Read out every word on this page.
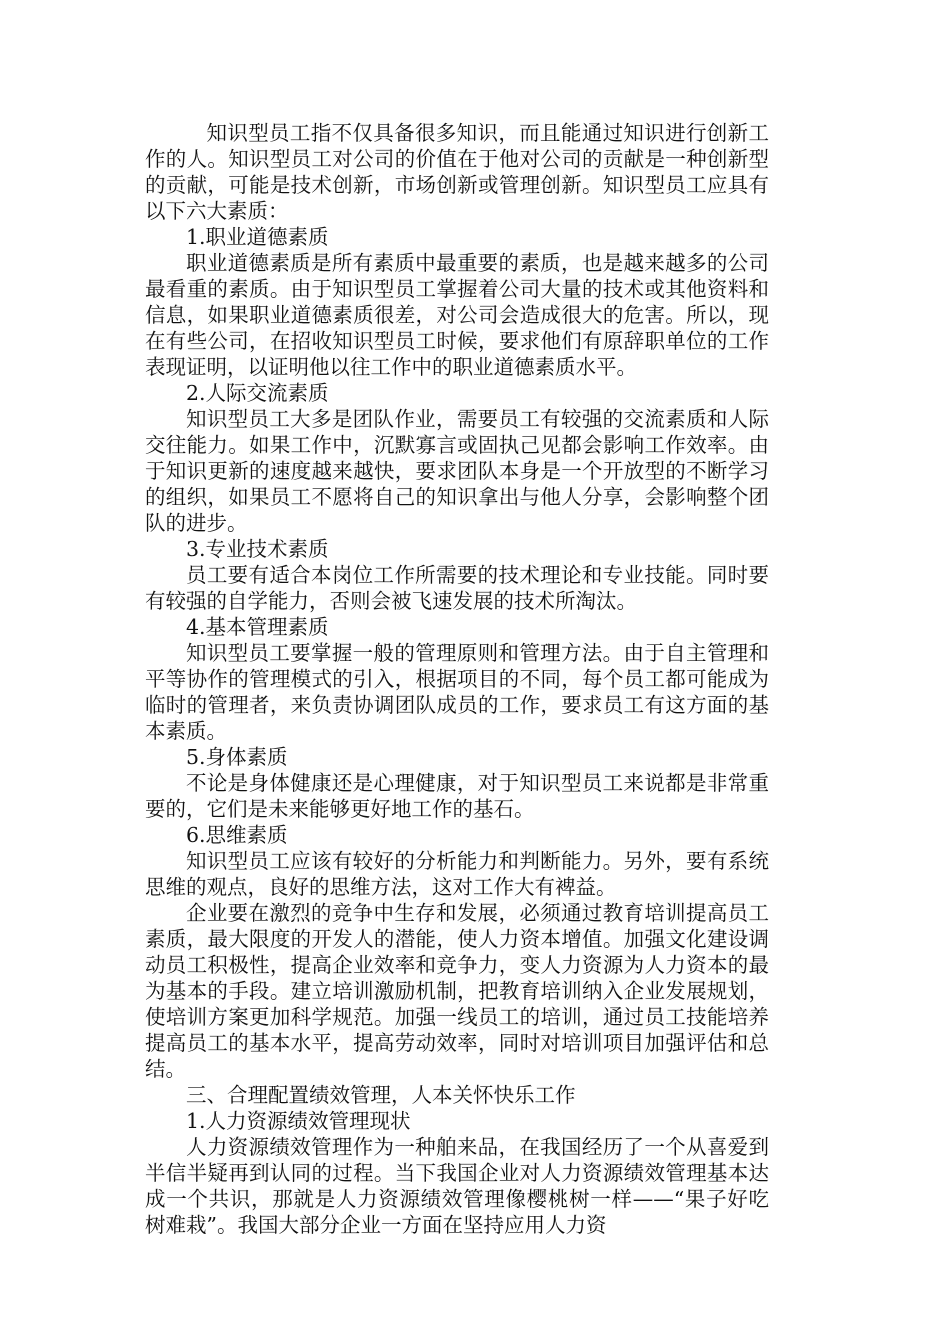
知识型员工指不仅具备很多知识，而且能通过知识进行创新工作的人。知识型员工对公司的价值在于他对公司的贡献是一种创新型的贡献，可能是技术创新，市场创新或管理创新。知识型员工应具有以下六大素质：

1.职业道德素质

职业道德素质是所有素质中最重要的素质，也是越来越多的公司最看重的素质。由于知识型员工掌握着公司大量的技术或其他资料和信息，如果职业道德素质很差，对公司会造成很大的危害。所以，现在有些公司，在招收知识型员工时候，要求他们有原辞职单位的工作表现证明，以证明他以往工作中的职业道德素质水平。

2.人际交流素质

知识型员工大多是团队作业，需要员工有较强的交流素质和人际交往能力。如果工作中，沉默寡言或固执己见都会影响工作效率。由于知识更新的速度越来越快，要求团队本身是一个开放型的不断学习的组织，如果员工不愿将自己的知识拿出与他人分享，会影响整个团队的进步。

3.专业技术素质

员工要有适合本岗位工作所需要的技术理论和专业技能。同时要有较强的自学能力，否则会被飞速发展的技术所淘汰。

4.基本管理素质

知识型员工要掌握一般的管理原则和管理方法。由于自主管理和平等协作的管理模式的引入，根据项目的不同，每个员工都可能成为临时的管理者，来负责协调团队成员的工作，要求员工有这方面的基本素质。

5.身体素质

不论是身体健康还是心理健康，对于知识型员工来说都是非常重要的，它们是未来能够更好地工作的基石。

6.思维素质

知识型员工应该有较好的分析能力和判断能力。另外，要有系统思维的观点，良好的思维方法，这对工作大有裨益。

企业要在激烈的竞争中生存和发展，必须通过教育培训提高员工素质，最大限度的开发人的潜能，使人力资本增值。加强文化建设调动员工积极性，提高企业效率和竞争力，变人力资源为人力资本的最为基本的手段。建立培训激励机制，把教育培训纳入企业发展规划，使培训方案更加科学规范。加强一线员工的培训，通过员工技能培养提高员工的基本水平，提高劳动效率，同时对培训项目加强评估和总结。

三、合理配置绩效管理，人本关怀快乐工作

1.人力资源绩效管理现状

人力资源绩效管理作为一种舶来品，在我国经历了一个从喜爱到半信半疑再到认同的过程。当下我国企业对人力资源绩效管理基本达成一个共识，那就是人力资源绩效管理像樱桃树一样——“果子好吃树难栽”。我国大部分企业一方面在坚持应用人力资
